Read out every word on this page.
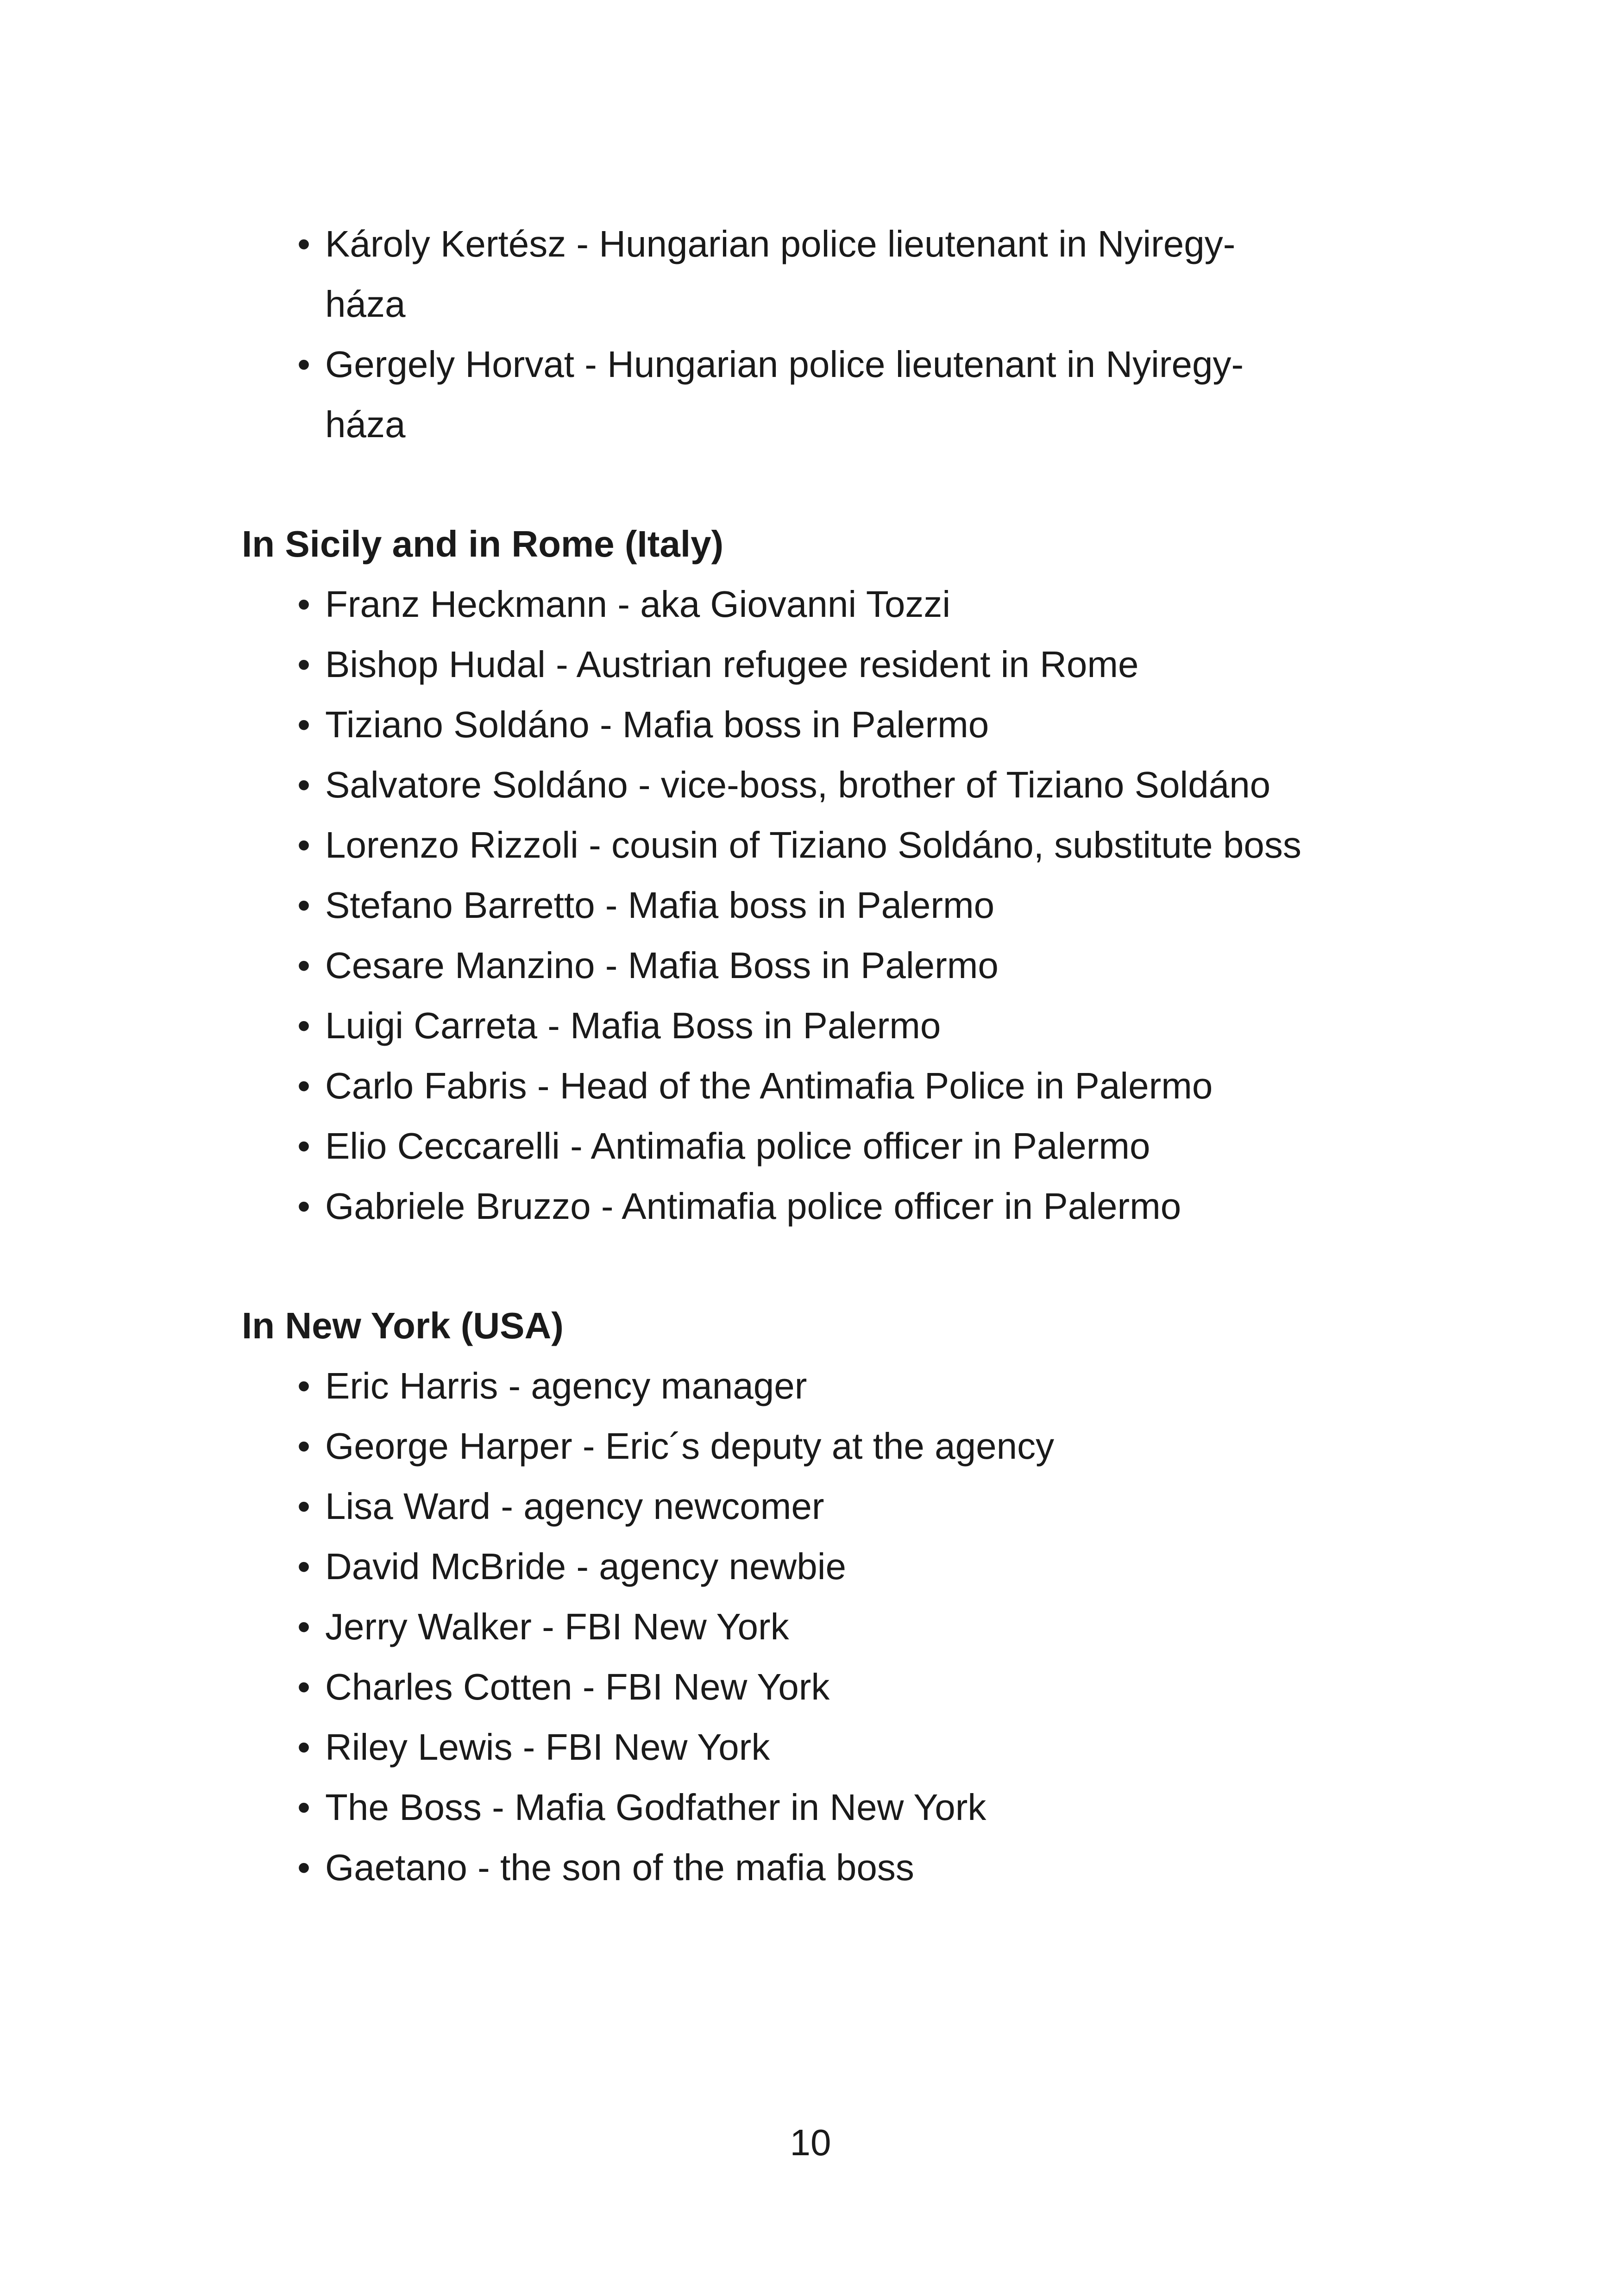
• Károly Kertész - Hungarian police lieutenant in Nyiregy-
háza
• Gergely Horvat - Hungarian police lieutenant in Nyiregy-
háza
In Sicily and in Rome (Italy)
• Franz Heckmann - aka Giovanni Tozzi
• Bishop Hudal - Austrian refugee resident in Rome
• Tiziano Soldáno - Mafia boss in Palermo
• Salvatore Soldáno - vice-boss, brother of Tiziano Soldáno
• Lorenzo Rizzoli - cousin of Tiziano Soldáno, substitute boss
• Stefano Barretto - Mafia boss in Palermo
• Cesare Manzino - Mafia Boss in Palermo
• Luigi Carreta - Mafia Boss in Palermo
• Carlo Fabris - Head of the Antimafia Police in Palermo
• Elio Ceccarelli - Antimafia police officer in Palermo
• Gabriele Bruzzo - Antimafia police officer in Palermo
In New York (USA)
• Eric Harris - agency manager
• George Harper - Eric´s deputy at the agency
• Lisa Ward - agency newcomer
• David McBride - agency newbie
• Jerry Walker - FBI New York
• Charles Cotten - FBI New York
• Riley Lewis - FBI New York
• The Boss - Mafia Godfather in New York
• Gaetano - the son of the mafia boss
10
